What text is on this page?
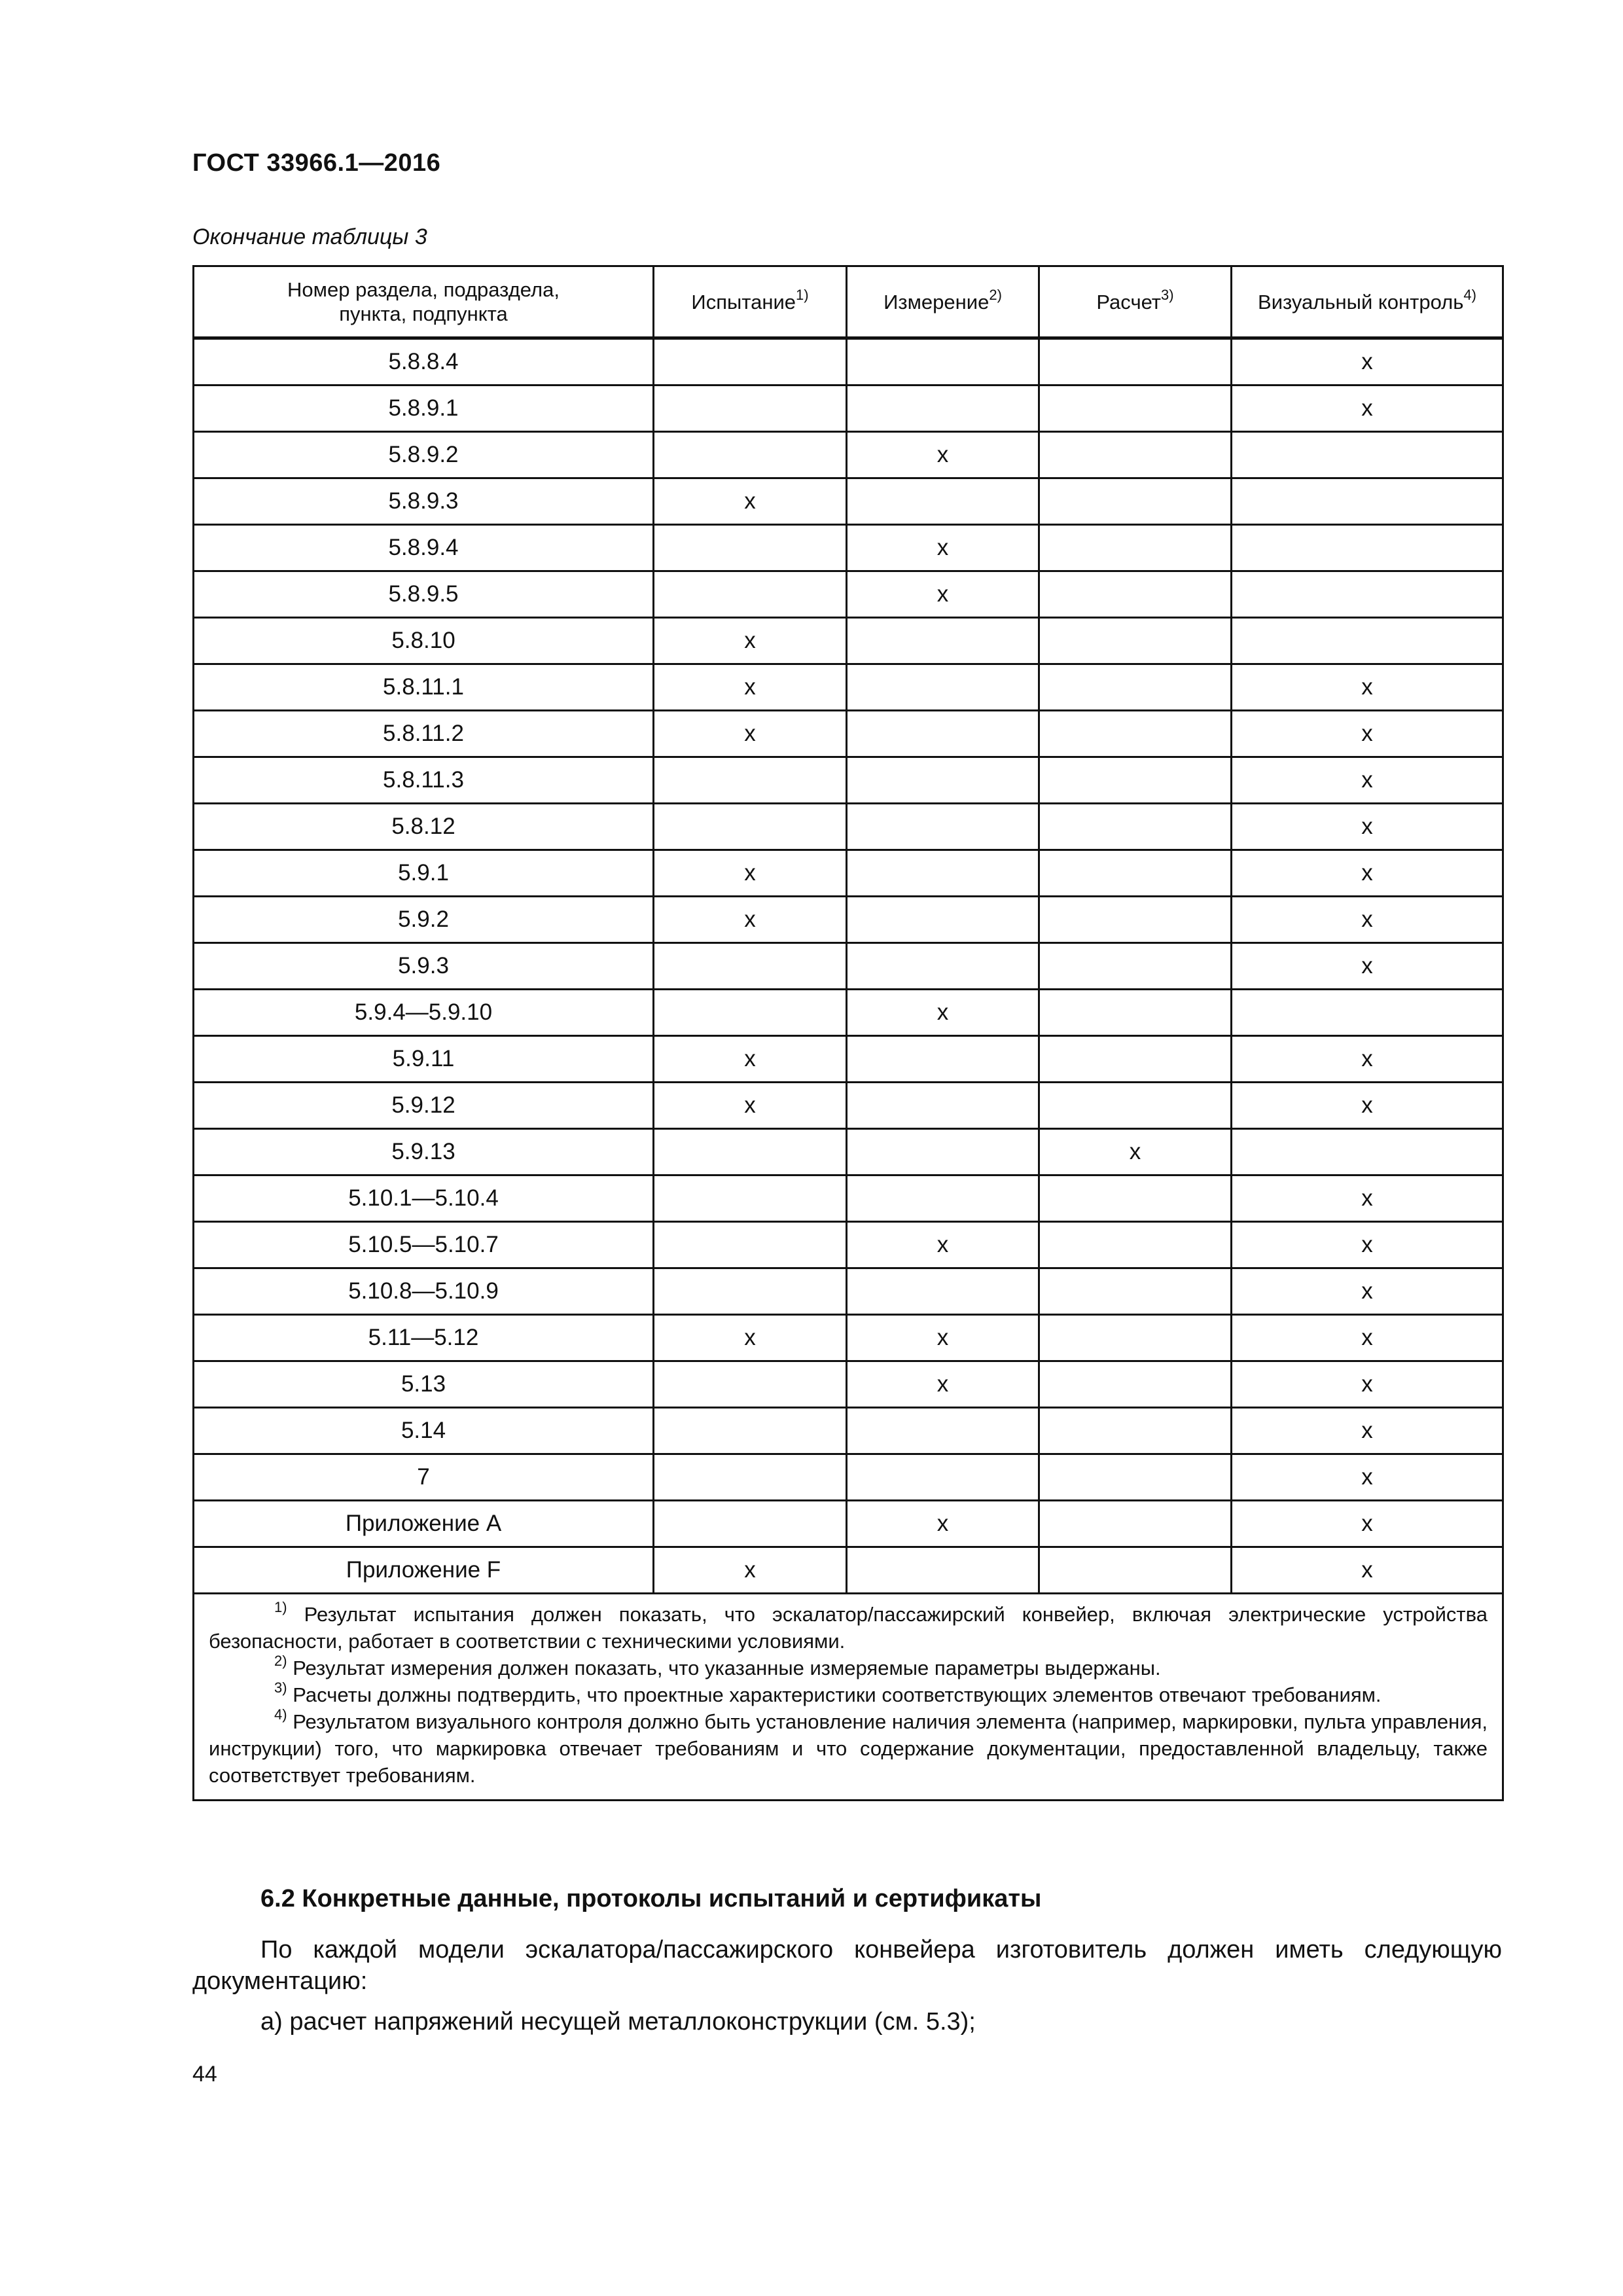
ГОСТ 33966.1—2016
Окончание таблицы 3
Номер раздела, подраздела,
пункта, подпункта	Испытание$^{1)}$	Измерение$^{2)}$	Расчет$^{3)}$	Визуальный контроль$^{4)}$
5.8.8.4				x
5.8.9.1				x
5.8.9.2		x		
5.8.9.3	x			
5.8.9.4		x		
5.8.9.5		x		
5.8.10	x			
5.8.11.1	x			x
5.8.11.2	x			x
5.8.11.3				x
5.8.12				x
5.9.1	x			x
5.9.2	x			x
5.9.3				x
5.9.4—5.9.10		x		
5.9.11	x			x
5.9.12	x			x
5.9.13			x	
5.10.1—5.10.4				x
5.10.5—5.10.7		x		x
5.10.8—5.10.9				x
5.11—5.12	x	x		x
5.13		x		x
5.14				x
7				x
Приложение А		x		x
Приложение F	x			x

$^{1)}$ Результат испытания должен показать, что эскалатор/пассажирский конвейер, включая электрические устройства безопасности, работает в соответствии с техническими условиями.
$^{2)}$ Результат измерения должен показать, что указанные измеряемые параметры выдержаны.
$^{3)}$ Расчеты должны подтвердить, что проектные характеристики соответствующих элементов отвечают требованиям.
$^{4)}$ Результатом визуального контроля должно быть установление наличия элемента (например, маркировки, пульта управления, инструкции) того, что маркировка отвечает требованиям и что содержание документации, предоставленной владельцу, также соответствует требованиям.				
6.2 Конкретные данные, протоколы испытаний и сертификаты
По каждой модели эскалатора/пассажирского конвейера изготовитель должен иметь следующую документацию:
а) расчет напряжений несущей металлоконструкции (см. 5.3);
44
